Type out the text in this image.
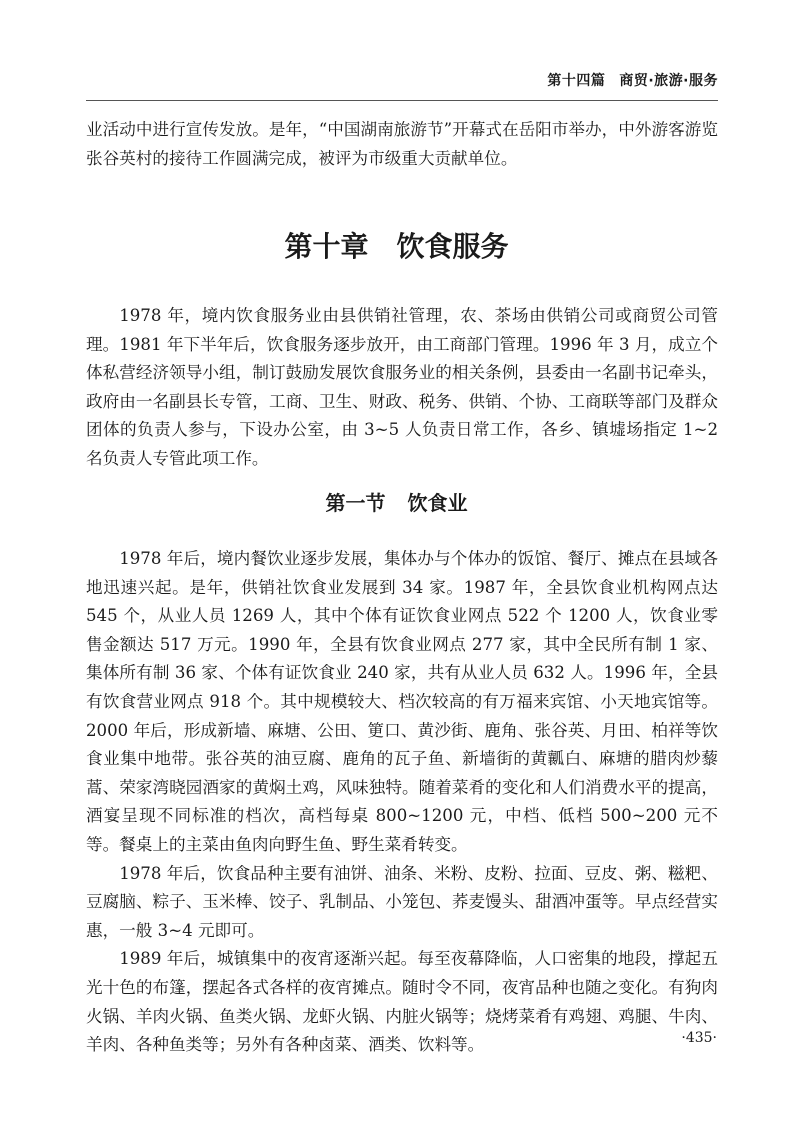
第十四篇 商贸·旅游·服务
业活动中进行宣传发放。是年，“中国湖南旅游节”开幕式在岳阳市举办，中外游客游览张谷英村的接待工作圆满完成，被评为市级重大贡献单位。
第十章 饮食服务
1978 年，境内饮食服务业由县供销社管理，农、茶场由供销公司或商贸公司管理。1981 年下半年后，饮食服务逐步放开，由工商部门管理。1996 年 3 月，成立个体私营经济领导小组，制订鼓励发展饮食服务业的相关条例，县委由一名副书记牵头，政府由一名副县长专管，工商、卫生、财政、税务、供销、个协、工商联等部门及群众团体的负责人参与，下设办公室，由 3~5 人负责日常工作，各乡、镇墟场指定 1~2 名负责人专管此项工作。
第一节 饮食业
1978 年后，境内餐饮业逐步发展，集体办与个体办的饭馆、餐厅、摊点在县域各地迅速兴起。是年，供销社饮食业发展到 34 家。1987 年，全县饮食业机构网点达 545 个，从业人员 1269 人，其中个体有证饮食业网点 522 个 1200 人，饮食业零售金额达 517 万元。1990 年，全县有饮食业网点 277 家，其中全民所有制 1 家、集体所有制 36 家、个体有证饮食业 240 家，共有从业人员 632 人。1996 年，全县有饮食营业网点 918 个。其中规模较大、档次较高的有万福来宾馆、小天地宾馆等。2000 年后，形成新墙、麻塘、公田、筻口、黄沙街、鹿角、张谷英、月田、柏祥等饮食业集中地带。张谷英的油豆腐、鹿角的瓦子鱼、新墙街的黄瓤白、麻塘的腊肉炒藜蒿、荣家湾晓园酒家的黄焖土鸡，风味独特。随着菜肴的变化和人们消费水平的提高，酒宴呈现不同标准的档次，高档每桌 800~1200 元，中档、低档 500~200 元不等。餐桌上的主菜由鱼肉向野生鱼、野生菜肴转变。
1978 年后，饮食品种主要有油饼、油条、米粉、皮粉、拉面、豆皮、粥、糍粑、豆腐脑、粽子、玉米棒、饺子、乳制品、小笼包、荞麦馒头、甜酒冲蛋等。早点经营实惠，一般 3~4 元即可。
1989 年后，城镇集中的夜宵逐渐兴起。每至夜幕降临，人口密集的地段，撑起五光十色的布篷，摆起各式各样的夜宵摊点。随时令不同，夜宵品种也随之变化。有狗肉火锅、羊肉火锅、鱼类火锅、龙虾火锅、内脏火锅等；烧烤菜肴有鸡翅、鸡腿、牛肉、羊肉、各种鱼类等；另外有各种卤菜、酒类、饮料等。	·435·
